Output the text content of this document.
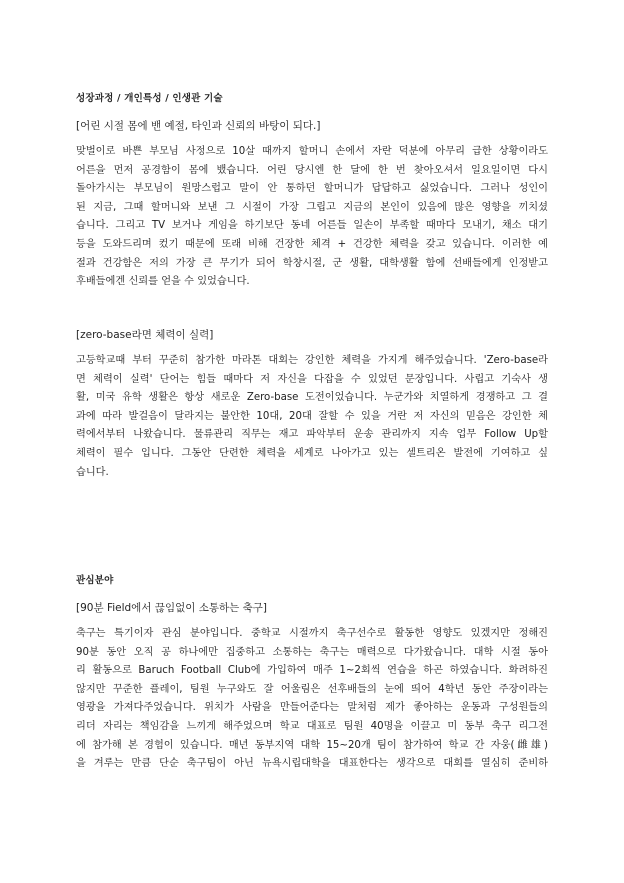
성장과정 / 개인특성 / 인생관 기술
[어린 시절 몸에 밴 예절, 타인과 신뢰의 바탕이 되다.]
맞벌이로 바쁜 부모님 사정으로 10살 때까지 할머니 손에서 자란 덕분에 아무리 급한 상황이라도
어른을 먼저 공경함이 몸에 뱄습니다. 어린 당시엔 한 달에 한 번 찾아오셔서 일요일이면 다시
돌아가시는 부모님이 원망스럽고 말이 안 통하던 할머니가 답답하고 싫었습니다. 그러나 성인이
된 지금, 그때 할머니와 보낸 그 시절이 가장 그립고 지금의 본인이 있음에 많은 영향을 끼치셨
습니다. 그리고 TV 보거나 게임을 하기보단 동네 어른들 일손이 부족할 때마다 모내기, 채소 대기
등을 도와드리며 컸기 때문에 또래 비해 건장한 체격 + 건강한 체력을 갖고 있습니다. 이러한 예
절과 건강함은 저의 가장 큰 무기가 되어 학창시절, 군 생활, 대학생활 함에 선배들에게 인정받고
후배들에겐 신뢰를 얻을 수 있었습니다.
[zero-base라면 체력이 실력]
고등학교때 부터 꾸준히 참가한 마라톤 대회는 강인한 체력을 가지게 해주었습니다. 'Zero-base라
면 체력이 실력' 단어는 힘들 때마다 저 자신을 다잡을 수 있었던 문장입니다. 사립고 기숙사 생
활, 미국 유학 생활은 항상 새로운 Zero-base 도전이었습니다. 누군가와 치열하게 경쟁하고 그 결
과에 따라 발걸음이 달라지는 불안한 10대, 20대 잘할 수 있을 거란 저 자신의 믿음은 강인한 체
력에서부터 나왔습니다. 물류관리 직무는 재고 파악부터 운송 관리까지 지속 업무 Follow Up할
체력이 필수 입니다. 그동안 단련한 체력을 세계로 나아가고 있는 셀트리온 발전에 기여하고 싶
습니다.
관심분야
[90분 Field에서 끊임없이 소통하는 축구]
축구는 특기이자 관심 분야입니다. 중학교 시절까지 축구선수로 활동한 영향도 있겠지만 정해진
90분 동안 오직 공 하나에만 집중하고 소통하는 축구는 매력으로 다가왔습니다. 대학 시절 동아
리 활동으로 Baruch Football Club에 가입하여 매주 1~2회씩 연습을 하곤 하였습니다. 화려하진
않지만 꾸준한 플레이, 팀원 누구와도 잘 어울림은 선후배들의 눈에 띄어 4학년 동안 주장이라는
영광을 가져다주었습니다. 위치가 사람을 만들어준다는 말처럼 제가 좋아하는 운동과 구성원들의
리더 자리는 책임감을 느끼게 해주었으며 학교 대표로 팀원 40명을 이끌고 미 동부 축구 리그전
에 참가해 본 경험이 있습니다. 매년 동부지역 대학 15~20개 팀이 참가하여 학교 간 자웅(雌雄)
을 겨루는 만큼 단순 축구팀이 아닌 뉴욕시립대학을 대표한다는 생각으로 대회를 열심히 준비하
